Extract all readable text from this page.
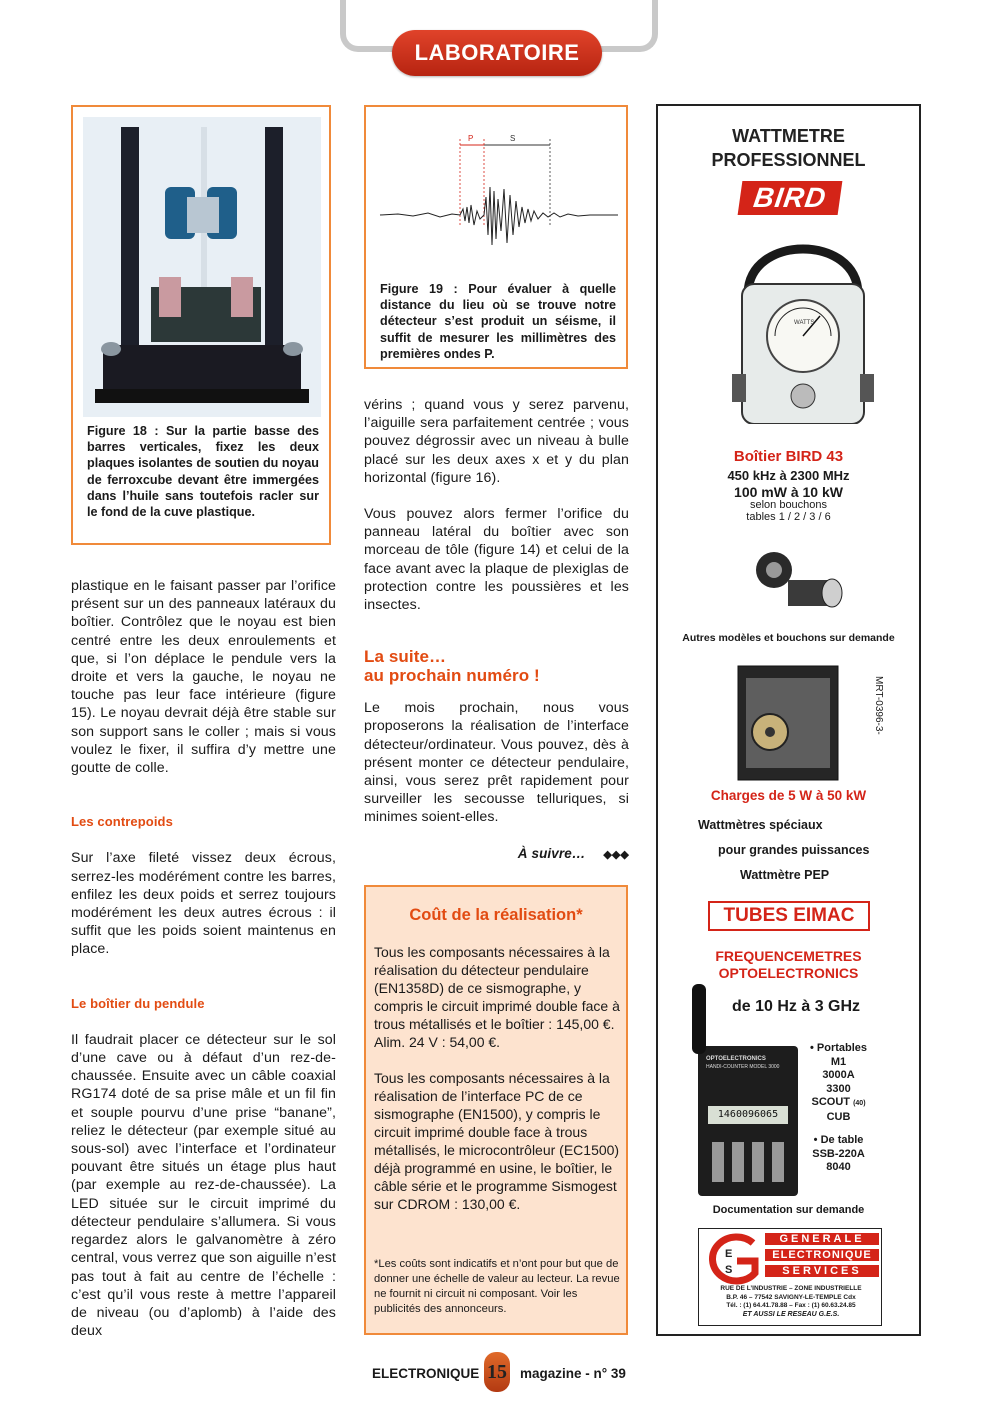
LABORATOIRE
Figure 18 : Sur la partie basse des barres verticales, fixez les deux plaques isolantes de soutien du noyau de ferroxcube devant être immergées dans l’huile sans toutefois racler sur le fond de la cuve plastique.
P	S
Figure 19 : Pour évaluer à quelle distance du lieu où se trouve notre détecteur s’est produit un séisme, il suffit de mesurer les millimètres des premières ondes P.

plastique en le faisant passer par l’orifice présent sur un des panneaux latéraux du boîtier. Contrôlez que le noyau est bien centré entre les deux enroulements et que, si l’on déplace le pendule vers la droite et vers la gauche, le noyau ne touche pas leur face intérieure (figure 15). Le noyau devrait déjà être stable sur son support sans le coller ; mais si vous voulez le fixer, il suffira d’y mettre une goutte de colle.

Les contrepoids

Sur l’axe fileté vissez deux écrous, serrez-les modérément contre les barres, enfilez les deux poids et serrez toujours modérément les deux autres écrous : il suffit que les poids soient maintenus en place.

Le boîtier du pendule

Il faudrait placer ce détecteur sur le sol d’une cave ou à défaut d’un rez-de-chaussée. Ensuite avec un câble coaxial RG174 doté de sa prise mâle et un fil fin et souple pourvu d’une prise “banane”, reliez le détecteur (par exemple situé au sous-sol) avec l’interface et l’ordinateur pouvant être situés un étage plus haut (par exemple au rez-de-chaussée). La LED située sur le circuit imprimé du détecteur pendulaire s’allumera. Si vous regardez alors le galvanomètre à zéro central, vous verrez que son aiguille n’est pas tout à fait au centre de l’échelle : c’est qu’il vous reste à mettre l’appareil de niveau (ou d’aplomb) à l’aide des deux

vérins ; quand vous y serez parvenu, l’aiguille sera parfaitement centrée ; vous pouvez dégrossir avec un niveau à bulle placé sur les deux axes x et y du plan horizontal (figure 16).

Vous pouvez alors fermer l’orifice du panneau latéral du boîtier avec son morceau de tôle (figure 14) et celui de la face avant avec la plaque de plexiglas de protection contre les poussières et les insectes.

La suite…
au prochain numéro !

Le mois prochain, nous vous proposerons la réalisation de l’interface détecteur/ordinateur. Vous pouvez, dès à présent monter ce détecteur pendulaire, ainsi, vous serez prêt rapidement pour surveiller les secousse telluriques, si minimes soient-elles.

À suivre… ◆◆◆
Coût de la réalisation*

Tous les composants nécessaires à la réalisation du détecteur pendulaire (EN1358D) de ce sismographe, y compris le circuit imprimé double face à trous métallisés et le boîtier : 145,00 €. Alim. 24 V : 54,00 €.

Tous les composants nécessaires à la réalisation de l’interface PC de ce sismographe (EN1500), y compris le circuit imprimé double face à trous métallisés, le microcontrôleur (EC1500) déjà programmé en usine, le boîtier, le câble série et le programme Sismogest sur CDROM : 130,00 €.

*Les coûts sont indicatifs et n’ont pour but que de donner une échelle de valeur au lecteur. La revue ne fournit ni circuit ni composant. Voir les publicités des annonceurs.
WATTMETRE
PROFESSIONNEL
BIRD
WATTS
Boîtier BIRD 43
450 kHz à 2300 MHz
100 mW à 10 kW
selon bouchons
tables 1 / 2 / 3 / 6
Autres modèles et bouchons sur demande
MRT-0396-3-
Charges de 5 W à 50 kW
Wattmètres spéciaux
pour grandes puissances
Wattmètre PEP
TUBES EIMAC
FREQUENCEMETRES
OPTOELECTRONICS
de 10 Hz à 3 GHz
OPTOELECTRONICS
HANDI-COUNTER MODEL 3000
1460096065
• Portables
M1
3000A
3300
SCOUT (40)
CUB
• De table
SSB-220A
8040
Documentation sur demande
E
S
GENERALE
ELECTRONIQUE
SERVICES
RUE DE L’INDUSTRIE – ZONE INDUSTRIELLE
B.P. 46 – 77542 SAVIGNY-LE-TEMPLE Cdx
Tél. : (1) 64.41.78.88 – Fax : (1) 60.63.24.85
ET AUSSI LE RESEAU G.E.S.
ELECTRONIQUE 15 magazine - n° 39
